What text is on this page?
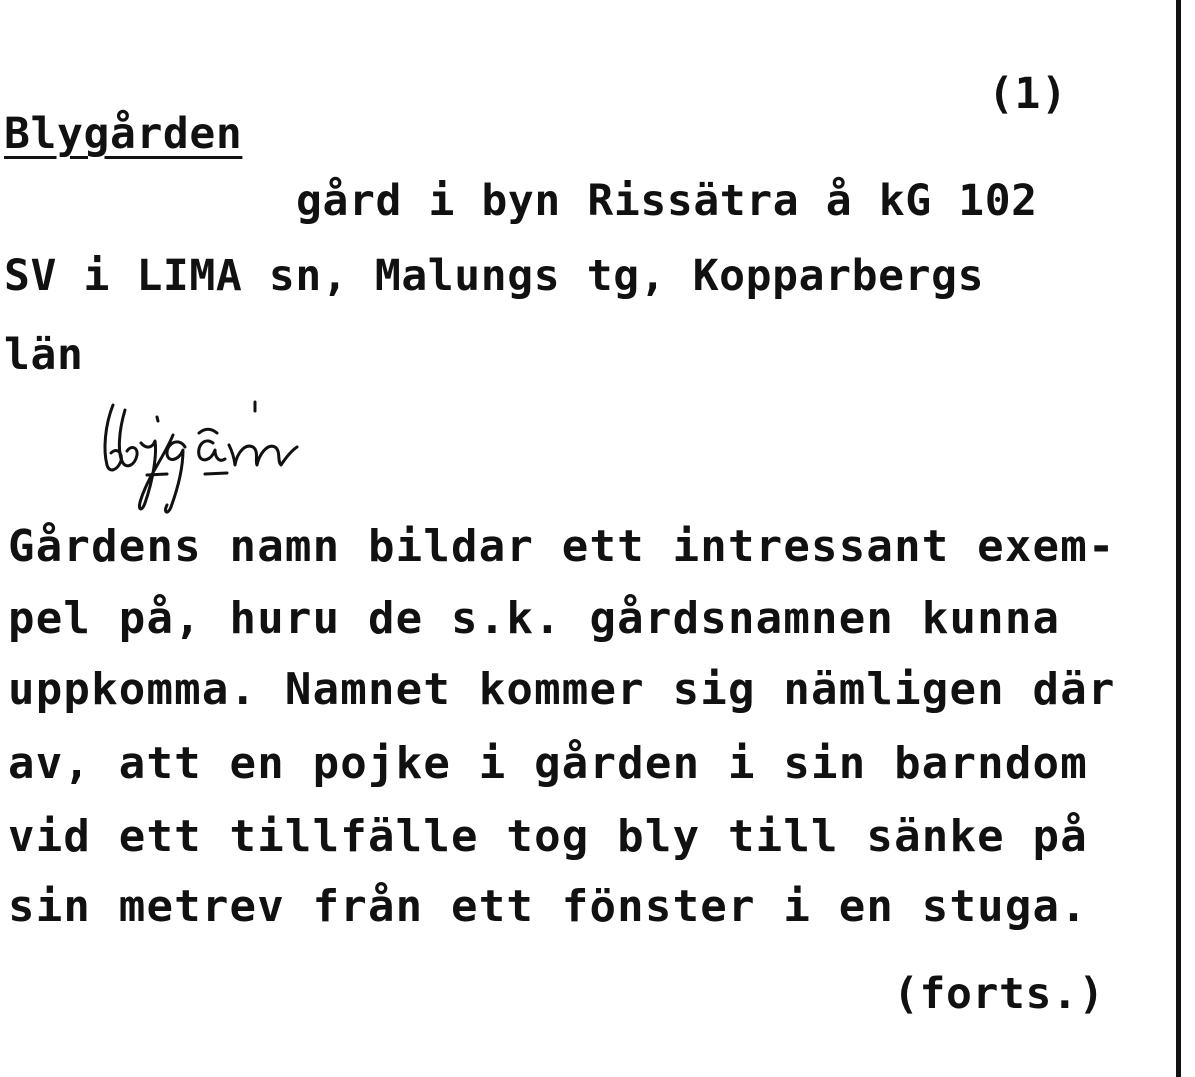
(1)
Blygården
gård i byn Rissätra å kG 102
SV i LIMA sn, Malungs tg, Kopparbergs
län
Gårdens namn bildar ett intressant exem-
pel på, huru de s.k. gårdsnamnen kunna
uppkomma. Namnet kommer sig nämligen där
av, att en pojke i gården i sin barndom
vid ett tillfälle tog bly till sänke på
sin metrev från ett fönster i en stuga.
(forts.)
